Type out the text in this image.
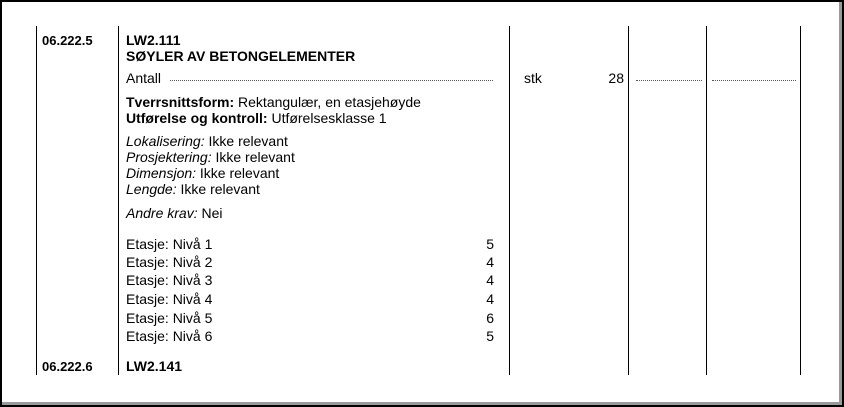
06.222.5 LW2.111
SØYLER AV BETONGELEMENTER
Antall	stk	28
Tverrsnittsform: Rektangulær, en etasjehøyde
Utførelse og kontroll: Utførelsesklasse 1
Lokalisering: Ikke relevant
Prosjektering: Ikke relevant
Dimensjon: Ikke relevant
Lengde: Ikke relevant
Andre krav: Nei
Etasje: Nivå 1	5
Etasje: Nivå 2	4
Etasje: Nivå 3	4
Etasje: Nivå 4	4
Etasje: Nivå 5	6
Etasje: Nivå 6	5
06.222.6 LW2.141
